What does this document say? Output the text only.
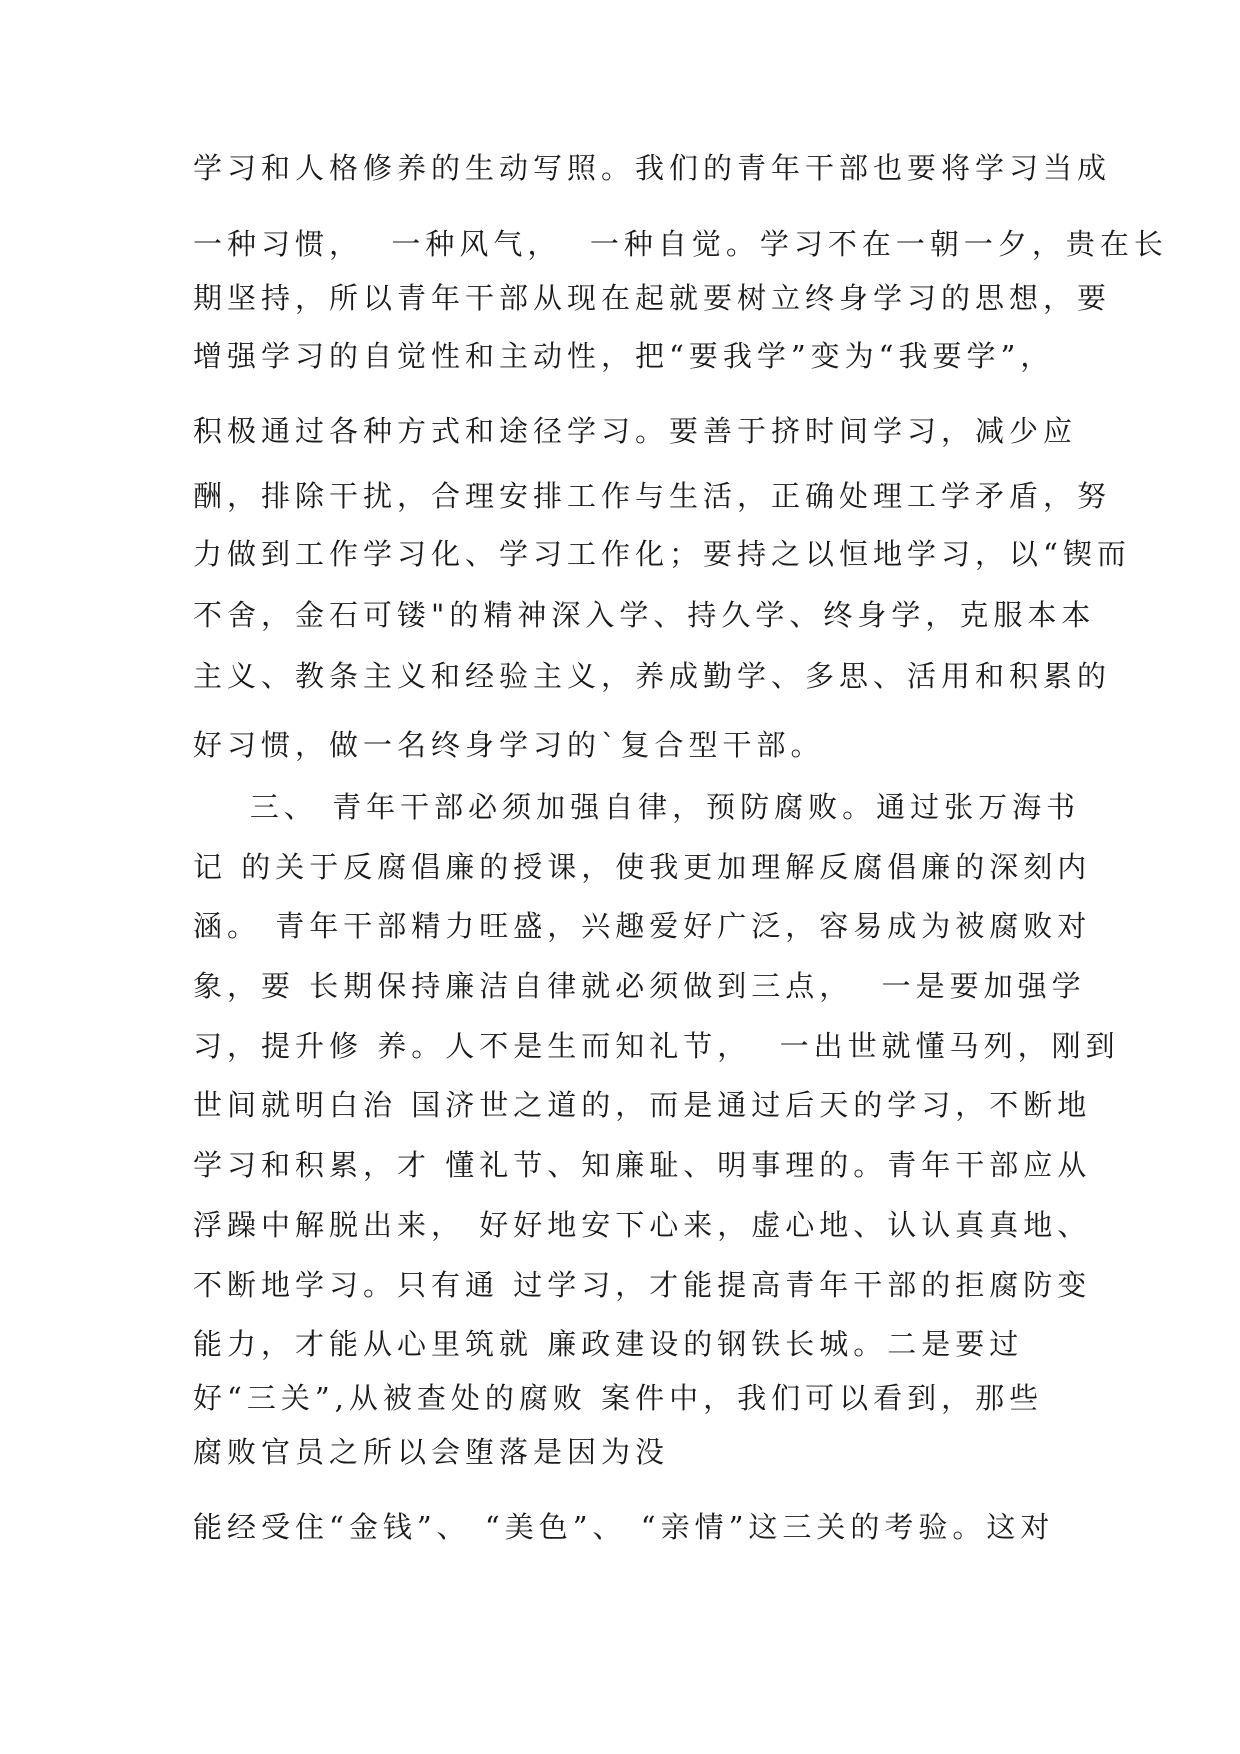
学习和人格修养的生动写照。我们的青年干部也要将学习当成

一种习惯，  一种风气，  一种自觉。学习不在一朝一夕，贵在长

期坚持，所以青年干部从现在起就要树立终身学习的思想，要

增强学习的自觉性和主动性，把“要我学”变为“我要学”，

积极通过各种方式和途径学习。要善于挤时间学习，减少应

酬，排除干扰，合理安排工作与生活，正确处理工学矛盾，努

力做到工作学习化、学习工作化；要持之以恒地学习，以“锲而

不舍，金石可镂"的精神深入学、持久学、终身学，克服本本

主义、教条主义和经验主义，养成勤学、多思、活用和积累的

好习惯，做一名终身学习的`复合型干部。

三、 青年干部必须加强自律，预防腐败。通过张万海书

记 的关于反腐倡廉的授课，使我更加理解反腐倡廉的深刻内

涵。 青年干部精力旺盛，兴趣爱好广泛，容易成为被腐败对

象，要 长期保持廉洁自律就必须做到三点，  一是要加强学

习，提升修 养。人不是生而知礼节，  一出世就懂马列，刚到

世间就明白治 国济世之道的，而是通过后天的学习，不断地

学习和积累，才 懂礼节、知廉耻、明事理的。青年干部应从

浮躁中解脱出来， 好好地安下心来，虚心地、认认真真地、

不断地学习。只有通 过学习，才能提高青年干部的拒腐防变

能力，才能从心里筑就 廉政建设的钢铁长城。二是要过

好“三关”,从被查处的腐败 案件中，我们可以看到，那些

腐败官员之所以会堕落是因为没

能经受住“金钱”、 “美色”、 “亲情”这三关的考验。这对
